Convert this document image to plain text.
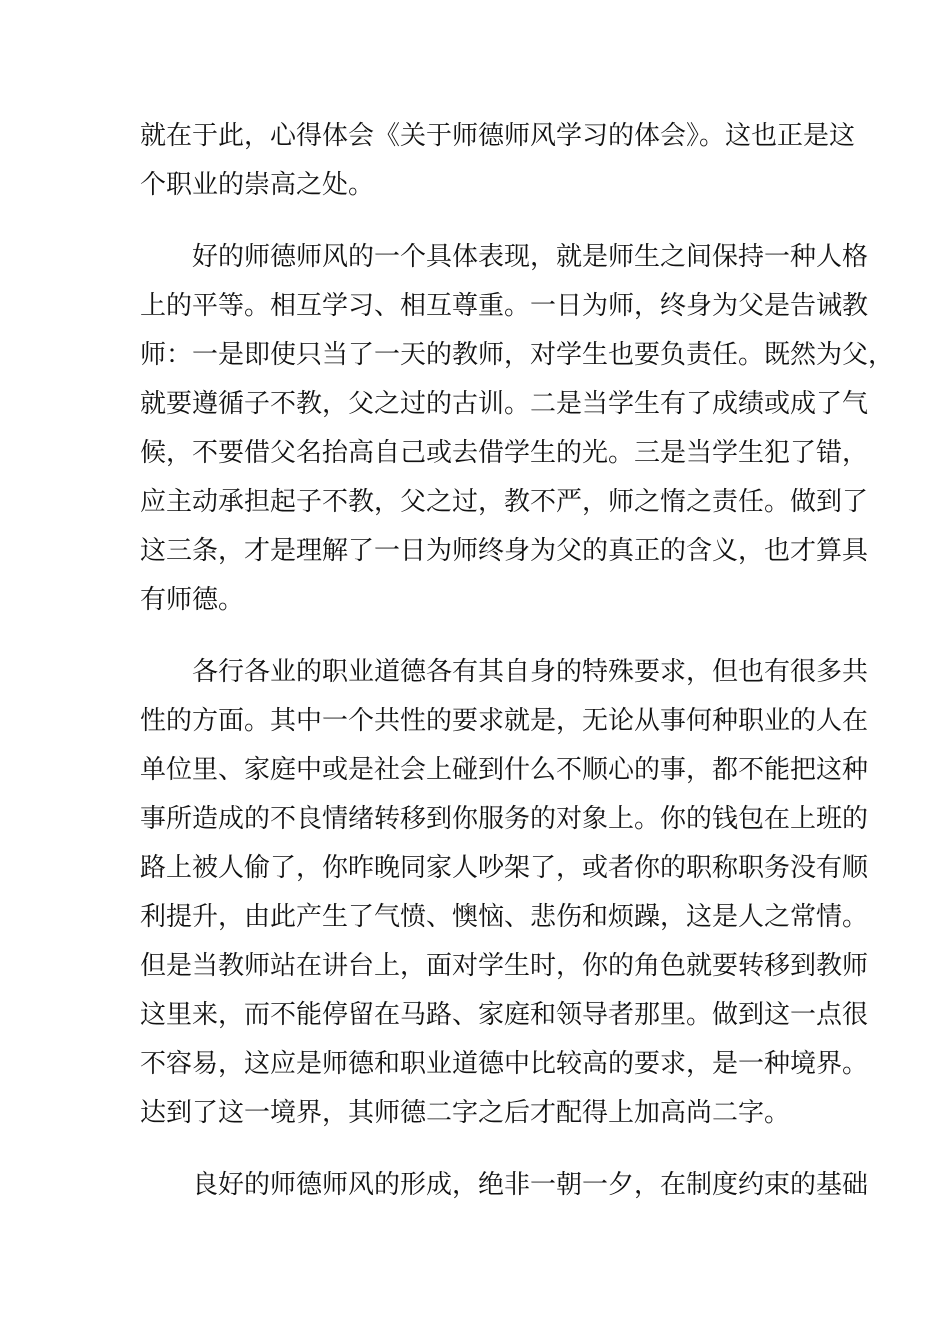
就在于此，心得体会《关于师德师风学习的体会》。这也正是这
个职业的崇高之处。
好的师德师风的一个具体表现，就是师生之间保持一种人格
上的平等。相互学习、相互尊重。一日为师，终身为父是告诫教
师：一是即使只当了一天的教师，对学生也要负责任。既然为父，
就要遵循子不教，父之过的古训。二是当学生有了成绩或成了气
候，不要借父名抬高自己或去借学生的光。三是当学生犯了错，
应主动承担起子不教，父之过，教不严，师之惰之责任。做到了
这三条，才是理解了一日为师终身为父的真正的含义，也才算具
有师德。
各行各业的职业道德各有其自身的特殊要求，但也有很多共
性的方面。其中一个共性的要求就是，无论从事何种职业的人在
单位里、家庭中或是社会上碰到什么不顺心的事，都不能把这种
事所造成的不良情绪转移到你服务的对象上。你的钱包在上班的
路上被人偷了，你昨晚同家人吵架了，或者你的职称职务没有顺
利提升，由此产生了气愤、懊恼、悲伤和烦躁，这是人之常情。
但是当教师站在讲台上，面对学生时，你的角色就要转移到教师
这里来，而不能停留在马路、家庭和领导者那里。做到这一点很
不容易，这应是师德和职业道德中比较高的要求，是一种境界。
达到了这一境界，其师德二字之后才配得上加高尚二字。
良好的师德师风的形成，绝非一朝一夕，在制度约束的基础
